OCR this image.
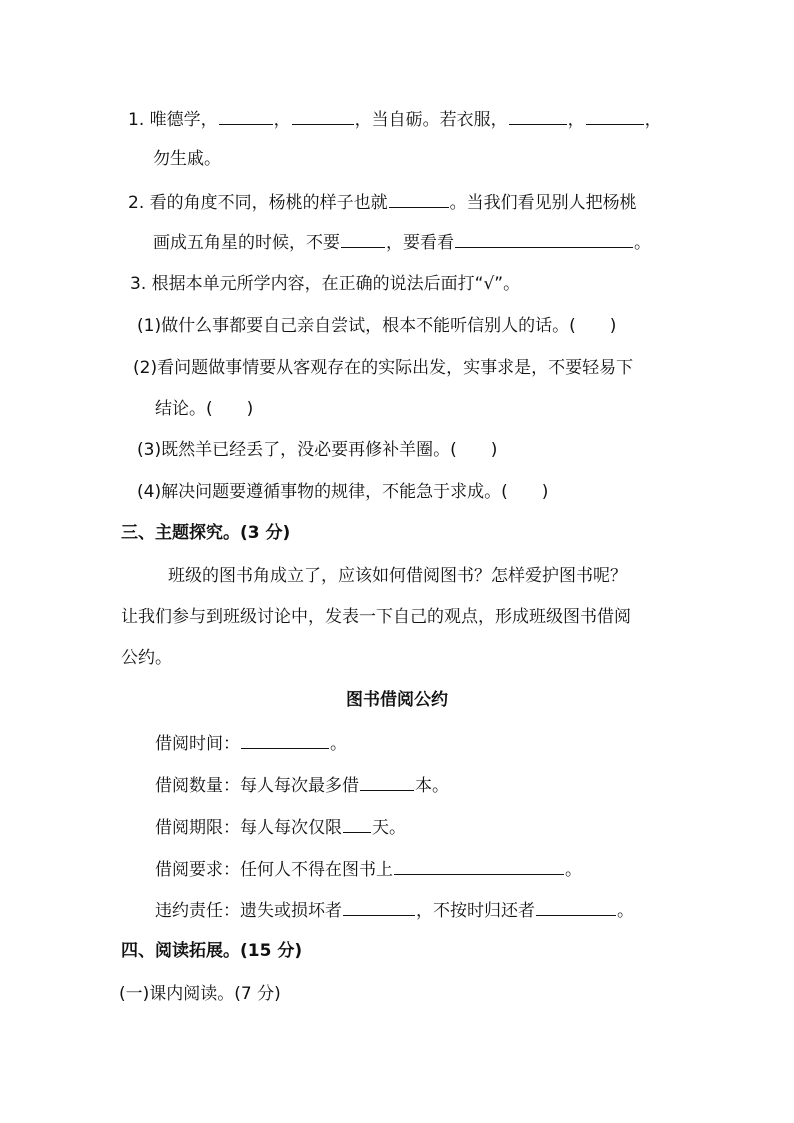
1. 唯德学，	，	，当自砺。若衣服，	，	，
勿生戚。
2. 看的角度不同，杨桃的样子也就	。当我们看见别人把杨桃
画成五角星的时候，不要	，要看看	。
3. 根据本单元所学内容，在正确的说法后面打“√”。
(1)做什么事都要自己亲自尝试，根本不能听信别人的话。(　　)
(2)看问题做事情要从客观存在的实际出发，实事求是，不要轻易下
结论。(　　)
(3)既然羊已经丢了，没必要再修补羊圈。(　　)
(4)解决问题要遵循事物的规律，不能急于求成。(　　)
三、主题探究。(3 分)
班级的图书角成立了，应该如何借阅图书？怎样爱护图书呢？
让我们参与到班级讨论中，发表一下自己的观点，形成班级图书借阅
公约。
图书借阅公约
借阅时间：	。
借阅数量：每人每次最多借	本。
借阅期限：每人每次仅限 天。
借阅要求：任何人不得在图书上	。
违约责任：遗失或损坏者	，不按时归还者	。
四、阅读拓展。(15 分)
(一)课内阅读。(7 分)
